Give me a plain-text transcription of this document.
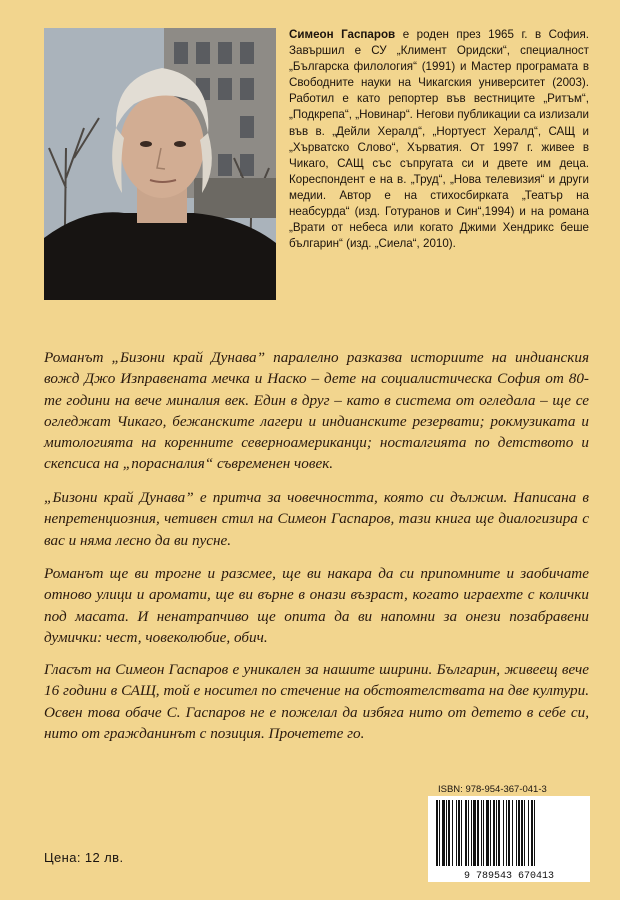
Симеон Гаспаров е роден през 1965 г. в София. Завършил е СУ „Климент Оридски“, специалност „Българска филология“ (1991) и Мастер програмата в Свободните науки на Чикагския университет (2003). Работил е като репортер във вестниците „Ритъм“, „Подкрепа“, „Новинар“. Негови публикации са излизали във в. „Дейли Хералд“, „Нортуест Хералд“, САЩ и „Хърватско Слово“, Хърватия. От 1997 г. живее в Чикаго, САЩ със съпругата си и двете им деца. Кореспондент е на в. „Труд“, „Нова телевизия“ и други медии. Автор е на стихосбирката „Театър на неабсурда“ (изд. Готуранов и Син“,1994) и на романа „Врати от небеса или когато Джими Хендрикс беше българин“ (изд. „Сиела“, 2010).
Романът „Бизони край Дунава” паралелно разказва историите на индианския вожд Джо Изправената мечка и Наско – дете на социалистическа София от 80-те години на вече миналия век. Един в друг – като в система от огледала – ще се огледжат Чикаго, бежанските лагери и индианските резервати; рокмузиката и митологията на коренните северноамериканци; носталгията по детството и скепсиса на „порасналия“ съвременен човек.
„Бизони край Дунава” е притча за човечността, която си дължим. Написана в непретенциозния, четивен стил на Симеон Гаспаров, тази книга ще диалогизира с вас и няма лесно да ви пусне.
Романът ще ви трогне и разсмее, ще ви накара да си припомните и заобичате отново улици и аромати, ще ви върне в онази възраст, когато играехте с колички под масата. И ненатрапчиво ще опита да ви напомни за онези позабравени думички: чест, човеколюбие, обич.
Гласът на Симеон Гаспаров е уникален за нашите ширини. Българин, живеещ вече 16 години в САЩ, той е носител по стечение на обстоятелствата на две култури. Освен това обаче С. Гаспаров не е пожелал да избяга нито от детето в себе си, нито от гражданинът с позиция. Прочетете го.
ISBN: 978-954-367-041-3
9 789543 670413
Цена: 12 лв.
